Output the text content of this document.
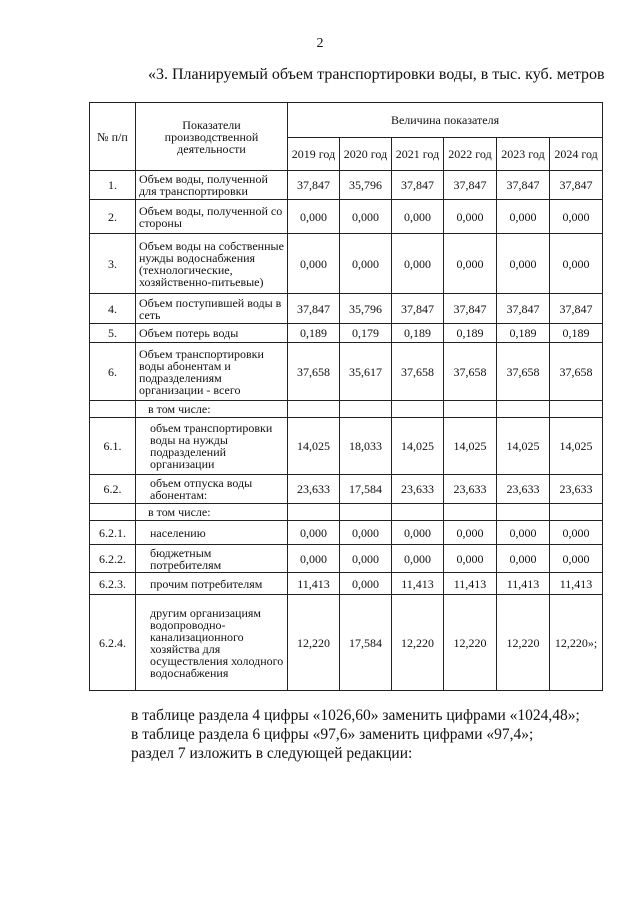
2
«3. Планируемый объем транспортировки воды, в тыс. куб. метров
№ п/п	Показатели производственной деятельности	Величина показателя					
		2019 год	2020 год	2021 год	2022 год	2023 год	2024 год
1.	Объем воды, полученной для транспортировки	37,847	35,796	37,847	37,847	37,847	37,847
2.	Объем воды, полученной со стороны	0,000	0,000	0,000	0,000	0,000	0,000
3.	Объем воды на собственные нужды водоснабжения (технологические, хозяйственно-питьевые)	0,000	0,000	0,000	0,000	0,000	0,000
4.	Объем поступившей воды в сеть	37,847	35,796	37,847	37,847	37,847	37,847
5.	Объем потерь воды	0,189	0,179	0,189	0,189	0,189	0,189
6.	Объем транспортировки воды абонентам и подразделениям организации - всего	37,658	35,617	37,658	37,658	37,658	37,658
	в том числе:						
6.1.	объем транспортировки воды на нужды подразделений организации	14,025	18,033	14,025	14,025	14,025	14,025
6.2.	объем отпуска воды абонентам:	23,633	17,584	23,633	23,633	23,633	23,633
	в том числе:						
6.2.1.	населению	0,000	0,000	0,000	0,000	0,000	0,000
6.2.2.	бюджетным потребителям	0,000	0,000	0,000	0,000	0,000	0,000
6.2.3.	прочим потребителям	11,413	0,000	11,413	11,413	11,413	11,413
6.2.4.	другим организациям водопроводно-канализационного хозяйства для осуществления холодного водоснабжения	12,220	17,584	12,220	12,220	12,220	12,220»;

в таблице раздела 4 цифры «1026,60» заменить цифрами «1024,48»;

в таблице раздела 6 цифры «97,6» заменить цифрами «97,4»;

раздел 7 изложить в следующей редакции:
